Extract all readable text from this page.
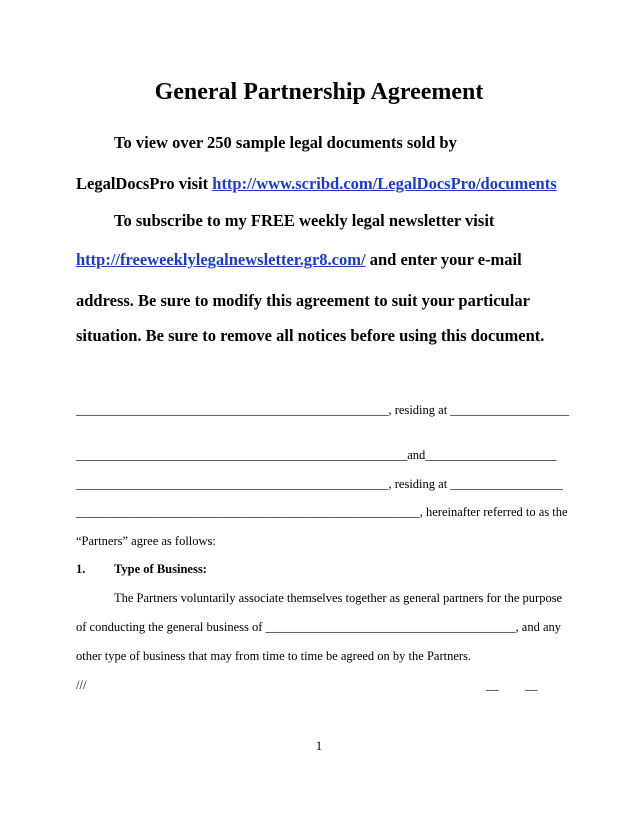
General Partnership Agreement
To view over 250 sample legal documents sold by
LegalDocsPro visit http://www.scribd.com/LegalDocsPro/documents
To subscribe to my FREE weekly legal newsletter visit
http://freeweeklylegalnewsletter.gr8.com/ and enter your e-mail
address. Be sure to modify this agreement to suit your particular
situation. Be sure to remove all notices before using this document.
__________________________________________________, residing at ___________________
_____________________________________________________and_____________________
__________________________________________________, residing at __________________
_______________________________________________________, hereinafter referred to as the
“Partners” agree as follows:
1. Type of Business:
The Partners voluntarily associate themselves together as general partners for the purpose
of conducting the general business of ________________________________________, and any
other type of business that may from time to time be agreed on by the Partners.
///	__ __
1
